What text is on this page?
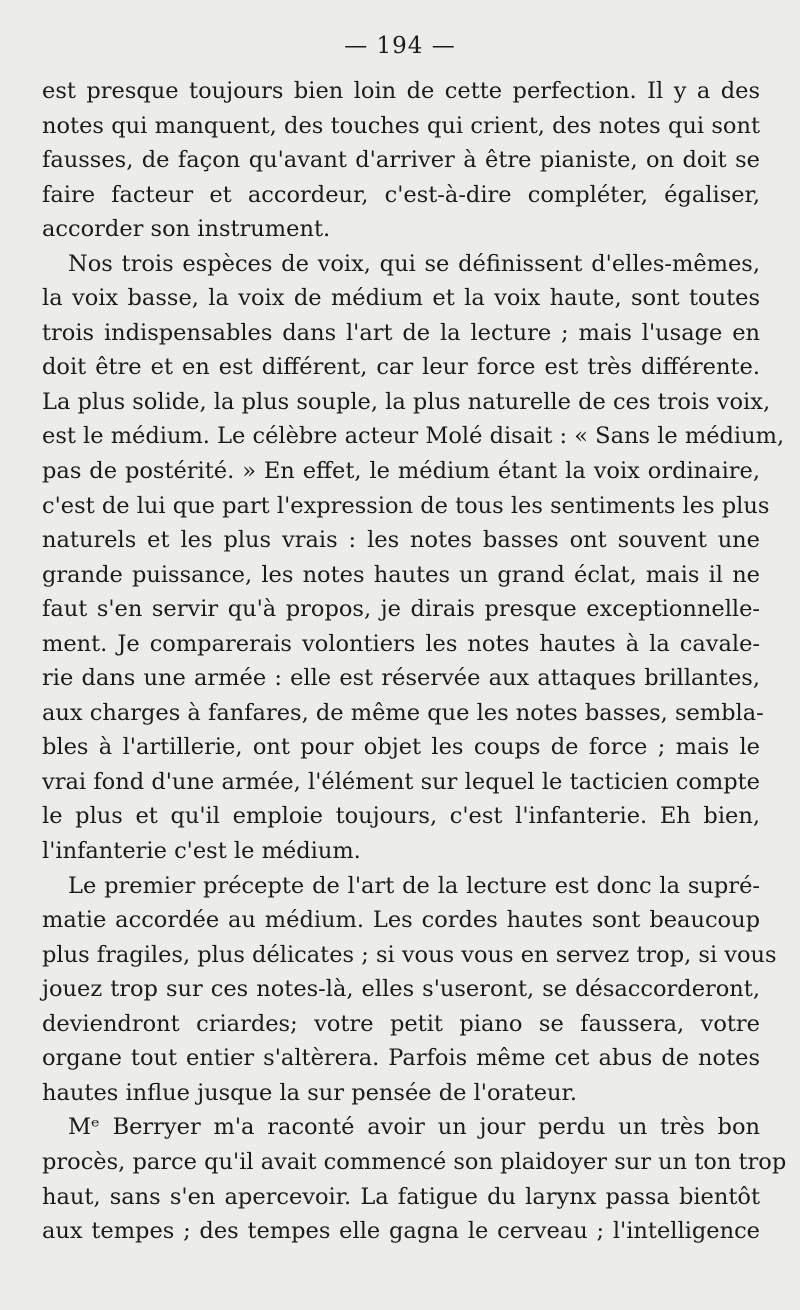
— 194 —
est presque toujours bien loin de cette perfection. Il y a des
notes qui manquent, des touches qui crient, des notes qui sont
fausses, de façon qu'avant d'arriver à être pianiste, on doit se
faire facteur et accordeur, c'est-à-dire compléter, égaliser,
accorder son instrument.
Nos trois espèces de voix, qui se définissent d'elles-mêmes,
la voix basse, la voix de médium et la voix haute, sont toutes
trois indispensables dans l'art de la lecture ; mais l'usage en
doit être et en est différent, car leur force est très différente.
La plus solide, la plus souple, la plus naturelle de ces trois voix,
est le médium. Le célèbre acteur Molé disait : « Sans le médium,
pas de postérité. » En effet, le médium étant la voix ordinaire,
c'est de lui que part l'expression de tous les sentiments les plus
naturels et les plus vrais : les notes basses ont souvent une
grande puissance, les notes hautes un grand éclat, mais il ne
faut s'en servir qu'à propos, je dirais presque exceptionnelle-
ment. Je comparerais volontiers les notes hautes à la cavale-
rie dans une armée : elle est réservée aux attaques brillantes,
aux charges à fanfares, de même que les notes basses, sembla-
bles à l'artillerie, ont pour objet les coups de force ; mais le
vrai fond d'une armée, l'élément sur lequel le tacticien compte
le plus et qu'il emploie toujours, c'est l'infanterie. Eh bien,
l'infanterie c'est le médium.
Le premier précepte de l'art de la lecture est donc la supré-
matie accordée au médium. Les cordes hautes sont beaucoup
plus fragiles, plus délicates ; si vous vous en servez trop, si vous
jouez trop sur ces notes-là, elles s'useront, se désaccorderont,
deviendront criardes; votre petit piano se faussera, votre
organe tout entier s'altèrera. Parfois même cet abus de notes
hautes influe jusque la sur pensée de l'orateur.
Mᵉ Berryer m'a raconté avoir un jour perdu un très bon
procès, parce qu'il avait commencé son plaidoyer sur un ton trop
haut, sans s'en apercevoir. La fatigue du larynx passa bientôt
aux tempes ; des tempes elle gagna le cerveau ; l'intelligence
